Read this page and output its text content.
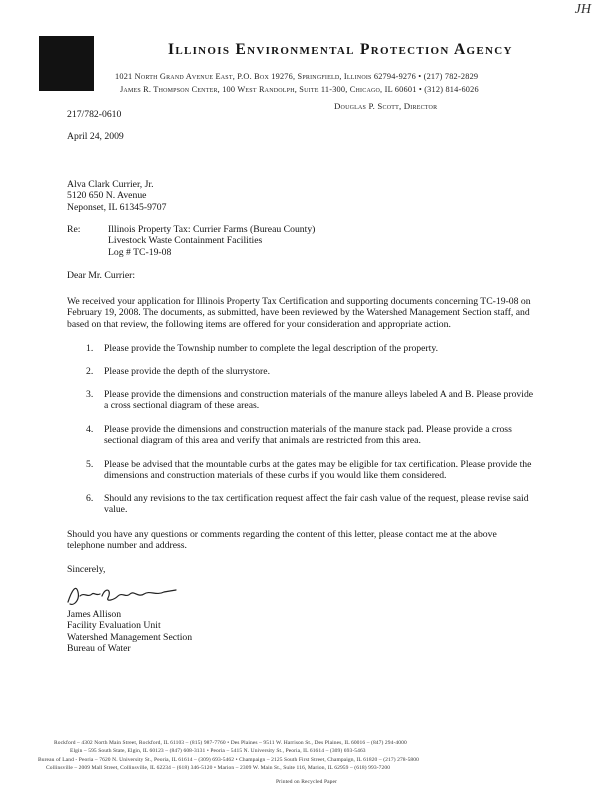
JH
Illinois Environmental Protection Agency
1021 North Grand Avenue East, P.O. Box 19276, Springfield, Illinois 62794-9276 • (217) 782-2829
James R. Thompson Center, 100 West Randolph, Suite 11-300, Chicago, IL 60601 • (312) 814-6026
Douglas P. Scott, Director
217/782-0610
April 24, 2009
Alva Clark Currier, Jr.
5120 650 N. Avenue
Neponset, IL 61345-9707
Re:	Illinois Property Tax: Currier Farms (Bureau County)
Livestock Waste Containment Facilities
Log # TC-19-08
Dear Mr. Currier:
We received your application for Illinois Property Tax Certification and supporting documents concerning TC-19-08 on February 19, 2008. The documents, as submitted, have been reviewed by the Watershed Management Section staff, and based on that review, the following items are offered for your consideration and appropriate action.
1. Please provide the Township number to complete the legal description of the property.
2. Please provide the depth of the slurrystore.
3. Please provide the dimensions and construction materials of the manure alleys labeled A and B. Please provide a cross sectional diagram of these areas.
4. Please provide the dimensions and construction materials of the manure stack pad. Please provide a cross sectional diagram of this area and verify that animals are restricted from this area.
5. Please be advised that the mountable curbs at the gates may be eligible for tax certification. Please provide the dimensions and construction materials of these curbs if you would like them considered.
6. Should any revisions to the tax certification request affect the fair cash value of the request, please revise said value.
Should you have any questions or comments regarding the content of this letter, please contact me at the above telephone number and address.
Sincerely,
James Allison
Facility Evaluation Unit
Watershed Management Section
Bureau of Water
Rockford – 4302 North Main Street, Rockford, IL 61103 – (815) 987-7760 • Des Plaines – 9511 W. Harrison St., Des Plaines, IL 60016 – (847) 294-4000
Elgin – 595 South State, Elgin, IL 60123 – (847) 608-3131 • Peoria – 5415 N. University St., Peoria, IL 61614 – (309) 693-5463
Bureau of Land - Peoria – 7620 N. University St., Peoria, IL 61614 – (309) 693-5462 • Champaign – 2125 South First Street, Champaign, IL 61820 – (217) 278-5800
Collinsville – 2009 Mall Street, Collinsville, IL 62234 – (618) 346-5120 • Marion – 2309 W. Main St., Suite 116, Marion, IL 62959 – (618) 993-7200
Printed on Recycled Paper
